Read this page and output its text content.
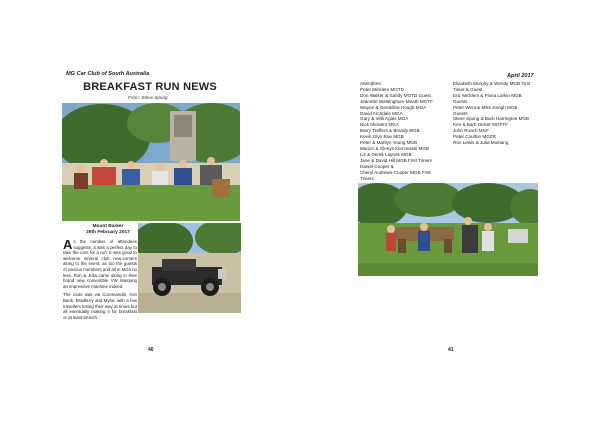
MG Car Club of South Australia
BREAKFAST RUN NEWS
From: Steve Spong
Mount Barker
26th February 2017

As the number of attendees suggests, it was a perfect day to take the cars for a run. It was good to welcome several club new-comers along to the event, as too the guests of various members and all in MGs no less. Ron & Julia came along in their brand new convertible VW Mustang an impressive machine indeed.

The route was via Coromandel, Iron Bank, Bradbury and Mylor, with a few travellers losing their way at times but all eventually making it for breakfast or at least brunch.

40
April 2017
Attendees:
Peter Micklem MGTD
Don Walker & Sandy MGTD Guest
Jeanette Watsinghum-Meath MGTF
Wayne & Geraldine Hough MGA
David Archdale MGA
Gary & Velli Agais MGA
Nick Mickelm MGA
Barry Treffers & Brandy MGB
Kevin Glyn Roe MGB
Peter & Marilyn Young MGB
Marion & Glenys Kierzewski MGB
Liz & Derek Laynes MGB
Jane & David Hill MGB First Timers
Daniel Cooper &
Cheryl Andrews-Cooper MGB First
Timers
Elizabeth Murphy & Wendy MGB First
Timer & Guest
Eric Micklem & Fiona Larkin MGB
Guests
Peter Went & Mike Keogh MGB
Guests
Steve Spong & Barb Harrington MGB
Ken & Barb Dicker MGFTF
John Roach MGF
Peter Coulton MGZR
Ron Lewis & Julia Mustang
41
